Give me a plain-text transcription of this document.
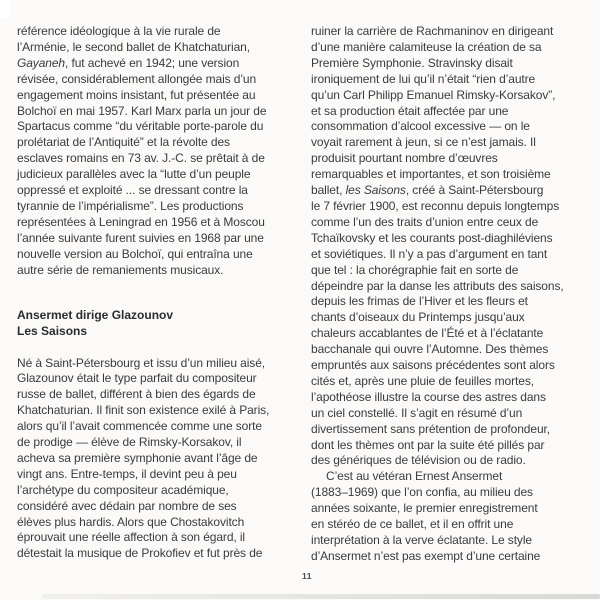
référence idéologique à la vie rurale de
l’Arménie, le second ballet de Khatchaturian,
Gayaneh, fut achevé en 1942; une version
révisée, considérablement allongée mais d’un
engagement moins insistant, fut présentée au
Bolchoï en mai 1957. Karl Marx parla un jour de
Spartacus comme “du véritable porte-parole du
prolétariat de l’Antiquité” et la révolte des
esclaves romains en 73 av. J.-C. se prêtait à de
judicieux parallèles avec la “lutte d’un peuple
oppressé et exploité ... se dressant contre la
tyrannie de l’impérialisme”. Les productions
représentées à Leningrad en 1956 et à Moscou
l’année suivante furent suivies en 1968 par une
nouvelle version au Bolchoï, qui entraîna une
autre série de remaniements musicaux.
Ansermet dirige Glazounov
Les Saisons
Né à Saint-Pétersbourg et issu d’un milieu aisé,
Glazounov était le type parfait du compositeur
russe de ballet, différent à bien des égards de
Khatchaturian. Il finit son existence exilé à Paris,
alors qu’il l’avait commencée comme une sorte
de prodige — élève de Rimsky-Korsakov, il
acheva sa première symphonie avant l’âge de
vingt ans. Entre-temps, il devint peu à peu
l’archétype du compositeur académique,
considéré avec dédain par nombre de ses
élèves plus hardis. Alors que Chostakovitch
éprouvait une réelle affection à son égard, il
détestait la musique de Prokofiev et fut près de
ruiner la carrière de Rachmaninov en dirigeant
d’une manière calamiteuse la création de sa
Première Symphonie. Stravinsky disait
ironiquement de lui qu’il n’était “rien d’autre
qu’un Carl Philipp Emanuel Rimsky-Korsakov”,
et sa production était affectée par une
consommation d’alcool excessive — on le
voyait rarement à jeun, si ce n’est jamais. Il
produisit pourtant nombre d’œuvres
remarquables et importantes, et son troisième
ballet, les Saisons, créé à Saint-Pétersbourg
le 7 février 1900, est reconnu depuis longtemps
comme l’un des traits d’union entre ceux de
Tchaïkovsky et les courants post-diaghiléviens
et soviétiques. Il n’y a pas d’argument en tant
que tel : la chorégraphie fait en sorte de
dépeindre par la danse les attributs des saisons,
depuis les frimas de l’Hiver et les fleurs et
chants d’oiseaux du Printemps jusqu’aux
chaleurs accablantes de l’Été et à l’éclatante
bacchanale qui ouvre l’Automne. Des thèmes
empruntés aux saisons précédentes sont alors
cités et, après une pluie de feuilles mortes,
l’apothéose illustre la course des astres dans
un ciel constellé. Il s’agit en résumé d’un
divertissement sans prétention de profondeur,
dont les thèmes ont par la suite été pillés par
des génériques de télévision ou de radio.
C’est au vétéran Ernest Ansermet
(1883–1969) que l’on confia, au milieu des
années soixante, le premier enregistrement
en stéréo de ce ballet, et il en offrit une
interprétation à la verve éclatante. Le style
d’Ansermet n’est pas exempt d’une certaine
11
